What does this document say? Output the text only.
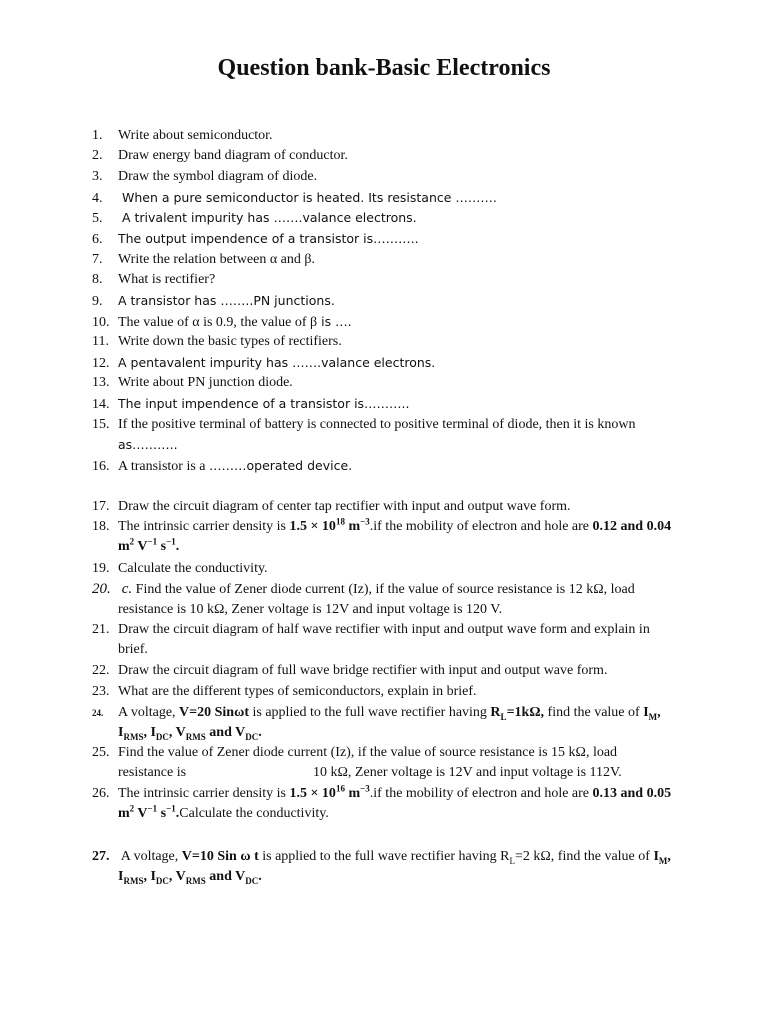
Question bank-Basic Electronics
1. Write about semiconductor.
2. Draw energy band diagram of conductor.
3. Draw the symbol diagram of diode.
4. When a pure semiconductor is heated. Its resistance ……….
5. A trivalent impurity has …….valance electrons.
6. The output impendence of a transistor is………..
7. Write the relation between α and β.
8. What is rectifier?
9. A transistor has ……..PN junctions.
10. The value of α is 0.9, the value of β is ….
11. Write down the basic types of rectifiers.
12. A pentavalent impurity has …….valance electrons.
13. Write about PN junction diode.
14. The input impendence of a transistor is………..
15. If the positive terminal of battery is connected to positive terminal of diode, then it is known
as………..
16. A transistor is a ………operated device.
17. Draw the circuit diagram of center tap rectifier with input and output wave form.
18. The intrinsic carrier density is $1.5 \times 10^{18}$ $m^{-3}.if$ the mobility of electron and hole are 0.12 and 0.04
$m^2$ $V^{-1}$ $s^{-1}$.
19. Calculate the conductivity.
20. c. Find the value of Zener diode current (Iz), if the value of source resistance is 12 kΩ, load
resistance is 10 kΩ, Zener voltage is 12V and input voltage is 120 V.
21. Draw the circuit diagram of half wave rectifier with input and output wave form and explain in
brief.
22. Draw the circuit diagram of full wave bridge rectifier with input and output wave form.
23. What are the different types of semiconductors, explain in brief.
24. A voltage, V=20 Sinωt is applied to the full wave rectifier having $R_L=1k\Omega$, find the value of $I_M$,
$I_{RMS}$, $I_{DC}$, $V_{RMS}$ and $V_{DC}$.
25. Find the value of Zener diode current (Iz), if the value of source resistance is 15 kΩ, load
resistance is	10 kΩ, Zener voltage is 12V and input voltage is 112V.
26. The intrinsic carrier density is $1.5 \times 10^{16}$ $m^{-3}.if$ the mobility of electron and hole are 0.13 and 0.05
$m^2$ $V^{-1}$ $s^{-1}.Calculate$ the conductivity.
27. A voltage, V=10 Sin ω t is applied to the full wave rectifier having $R_L=2$ kΩ, find the value of $I_M$,
$I_{RMS}$, $I_{DC}$, $V_{RMS}$ and $V_{DC}$.
